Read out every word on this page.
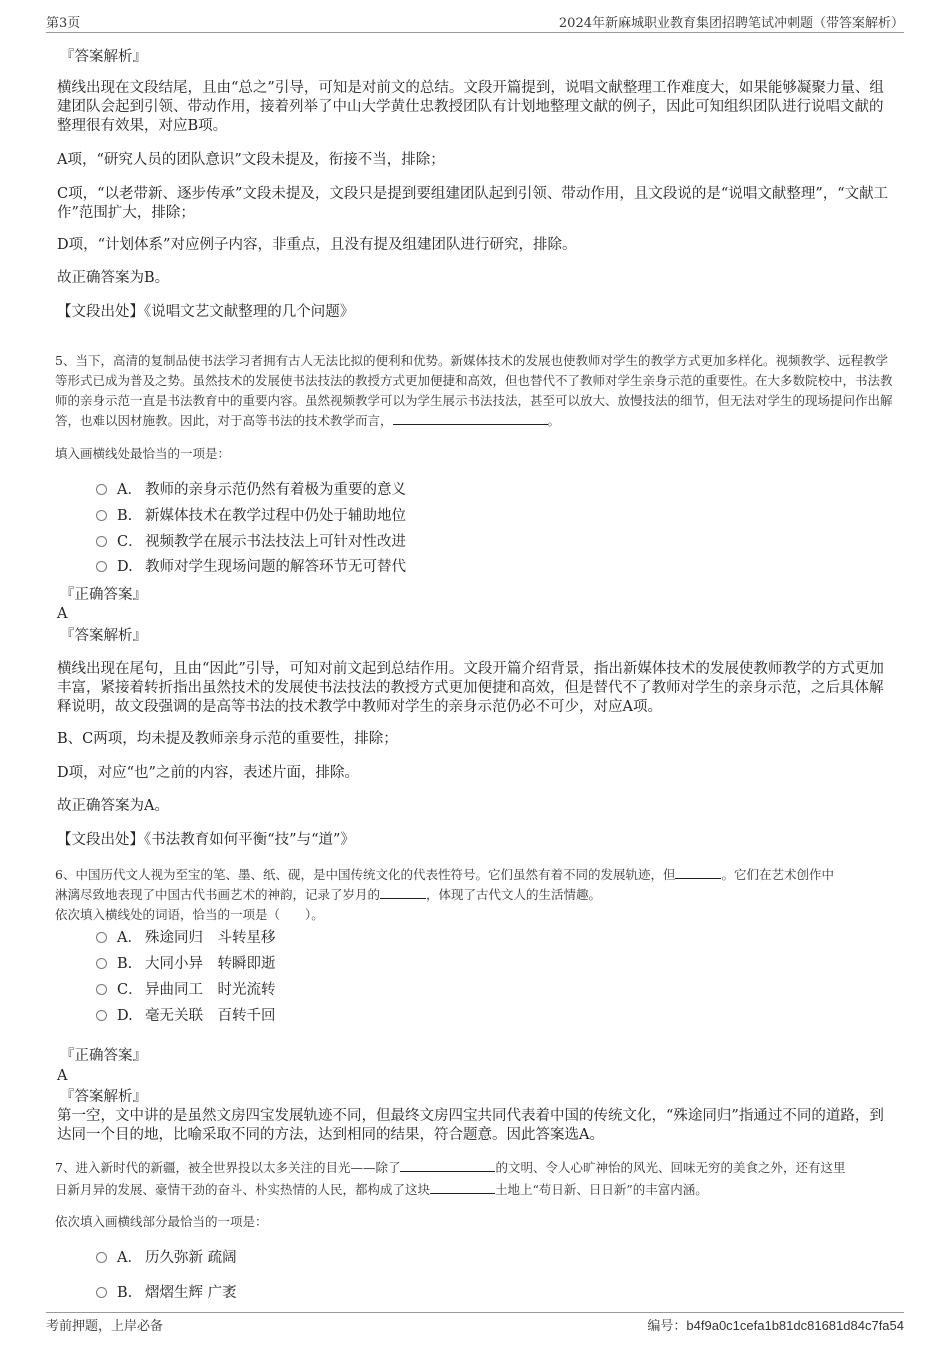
第3页	2024年新麻城职业教育集团招聘笔试冲刺题（带答案解析）
『答案解析』
横线出现在文段结尾，且由“总之”引导，可知是对前文的总结。文段开篇提到，说唱文献整理工作难度大，如果能够凝聚力量、组建团队会起到引领、带动作用，接着列举了中山大学黄仕忠教授团队有计划地整理文献的例子，因此可知组织团队进行说唱文献的整理很有效果，对应B项。
A项，“研究人员的团队意识”文段未提及，衔接不当，排除；
C项，“以老带新、逐步传承”文段未提及，文段只是提到要组建团队起到引领、带动作用，且文段说的是“说唱文献整理”，“文献工作”范围扩大，排除；
D项，“计划体系”对应例子内容，非重点，且没有提及组建团队进行研究，排除。
故正确答案为B。
【文段出处】《说唱文艺文献整理的几个问题》
5、当下，高清的复制品使书法学习者拥有古人无法比拟的便利和优势。新媒体技术的发展也使教师对学生的教学方式更加多样化。视频教学、远程教学等形式已成为普及之势。虽然技术的发展使书法技法的教授方式更加便捷和高效，但也替代不了教师对学生亲身示范的重要性。在大多数院校中，书法教师的亲身示范一直是书法教育中的重要内容。虽然视频教学可以为学生展示书法技法，甚至可以放大、放慢技法的细节，但无法对学生的现场提问作出解答，也难以因材施教。因此，对于高等书法的技术教学而言，	。
填入画横线处最恰当的一项是：
A． 教师的亲身示范仍然有着极为重要的意义
B. 新媒体技术在教学过程中仍处于辅助地位
C． 视频教学在展示书法技法上可针对性改进
D. 教师对学生现场问题的解答环节无可替代
『正确答案』
A
『答案解析』
横线出现在尾句，且由“因此”引导，可知对前文起到总结作用。文段开篇介绍背景，指出新媒体技术的发展使教师教学的方式更加丰富，紧接着转折指出虽然技术的发展使书法技法的教授方式更加便捷和高效，但是替代不了教师对学生的亲身示范，之后具体解释说明，故文段强调的是高等书法的技术教学中教师对学生的亲身示范仍必不可少，对应A项。
B、C两项，均未提及教师亲身示范的重要性，排除；
D项，对应“也”之前的内容，表述片面，排除。
故正确答案为A。
【文段出处】《书法教育如何平衡“技”与“道”》
6、中国历代文人视为至宝的笔、墨、纸、砚，是中国传统文化的代表性符号。它们虽然有着不同的发展轨迹，但	。它们在艺术创作中
淋漓尽致地表现了中国古代书画艺术的神韵，记录了岁月的	，体现了古代文人的生活情趣。
依次填入横线处的词语，恰当的一项是（　　）。
A． 殊途同归　斗转星移
B. 大同小异　转瞬即逝
C． 异曲同工　时光流转
D. 毫无关联　百转千回
『正确答案』
A
『答案解析』
第一空，文中讲的是虽然文房四宝发展轨迹不同，但最终文房四宝共同代表着中国的传统文化，“殊途同归”指通过不同的道路，到达同一个目的地，比喻采取不同的方法，达到相同的结果，符合题意。因此答案选A。
7、进入新时代的新疆，被全世界投以太多关注的目光——除了	的文明、令人心旷神怡的风光、回味无穷的美食之外，还有这里
日新月异的发展、豪情干劲的奋斗、朴实热情的人民，都构成了这块	土地上“苟日新、日日新”的丰富内涵。
依次填入画横线部分最恰当的一项是：
A． 历久弥新 疏阔
B. 熠熠生辉 广袤
考前押题，上岸必备	编号：b4f9a0c1cefa1b81dc81681d84c7fa54
